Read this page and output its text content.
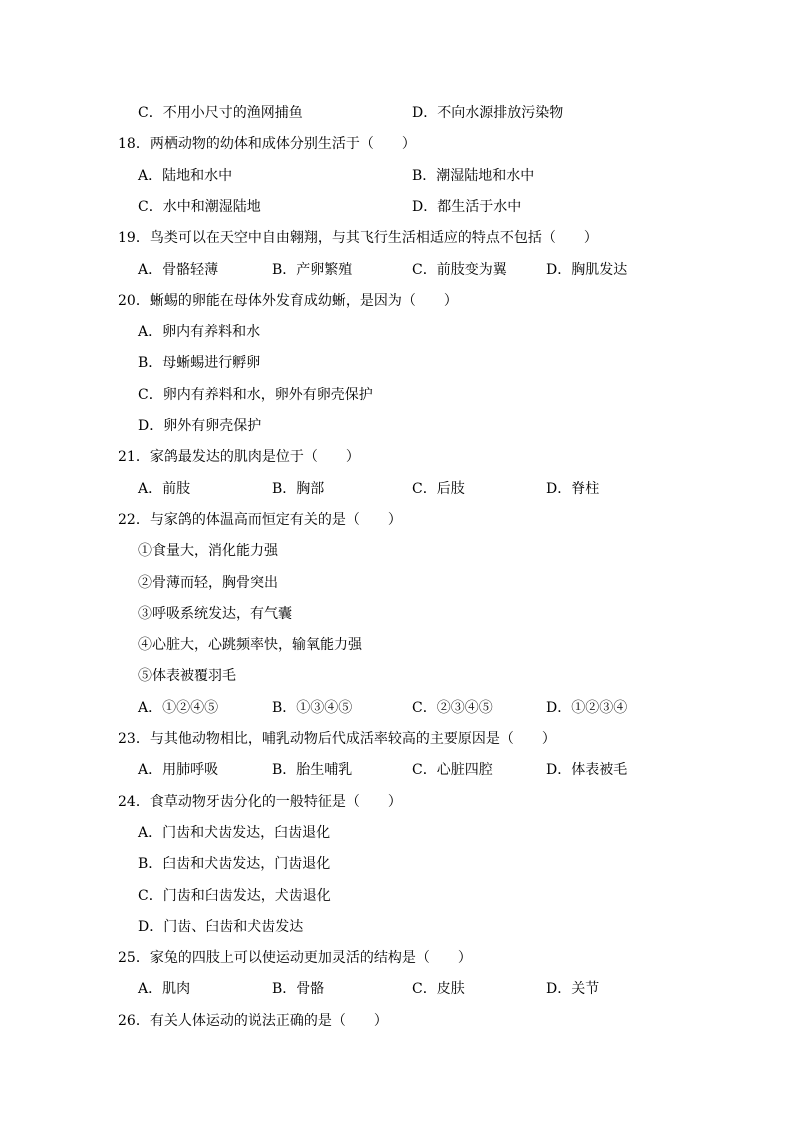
C．不用小尺寸的渔网捕鱼	D．不向水源排放污染物
18．两栖动物的幼体和成体分别生活于（　　）
A．陆地和水中	B．潮湿陆地和水中
C．水中和潮湿陆地	D．都生活于水中
19．鸟类可以在天空中自由翱翔，与其飞行生活相适应的特点不包括（　　）
A．骨骼轻薄	B．产卵繁殖	C．前肢变为翼	D．胸肌发达
20．蜥蜴的卵能在母体外发育成幼蜥，是因为（　　）
A．卵内有养料和水
B．母蜥蜴进行孵卵
C．卵内有养料和水，卵外有卵壳保护
D．卵外有卵壳保护
21．家鸽最发达的肌肉是位于（　　）
A．前肢	B．胸部	C．后肢	D．脊柱
22．与家鸽的体温高而恒定有关的是（　　）
①食量大，消化能力强
②骨薄而轻，胸骨突出
③呼吸系统发达，有气囊
④心脏大，心跳频率快，输氧能力强
⑤体表被覆羽毛
A．①②④⑤	B．①③④⑤	C．②③④⑤	D．①②③④
23．与其他动物相比，哺乳动物后代成活率较高的主要原因是（　　）
A．用肺呼吸	B．胎生哺乳	C．心脏四腔	D．体表被毛
24．食草动物牙齿分化的一般特征是（　　）
A．门齿和犬齿发达，臼齿退化
B．臼齿和犬齿发达，门齿退化
C．门齿和臼齿发达，犬齿退化
D．门齿、臼齿和犬齿发达
25．家兔的四肢上可以使运动更加灵活的结构是（　　）
A．肌肉	B．骨骼	C．皮肤	D．关节
26．有关人体运动的说法正确的是（　　）
